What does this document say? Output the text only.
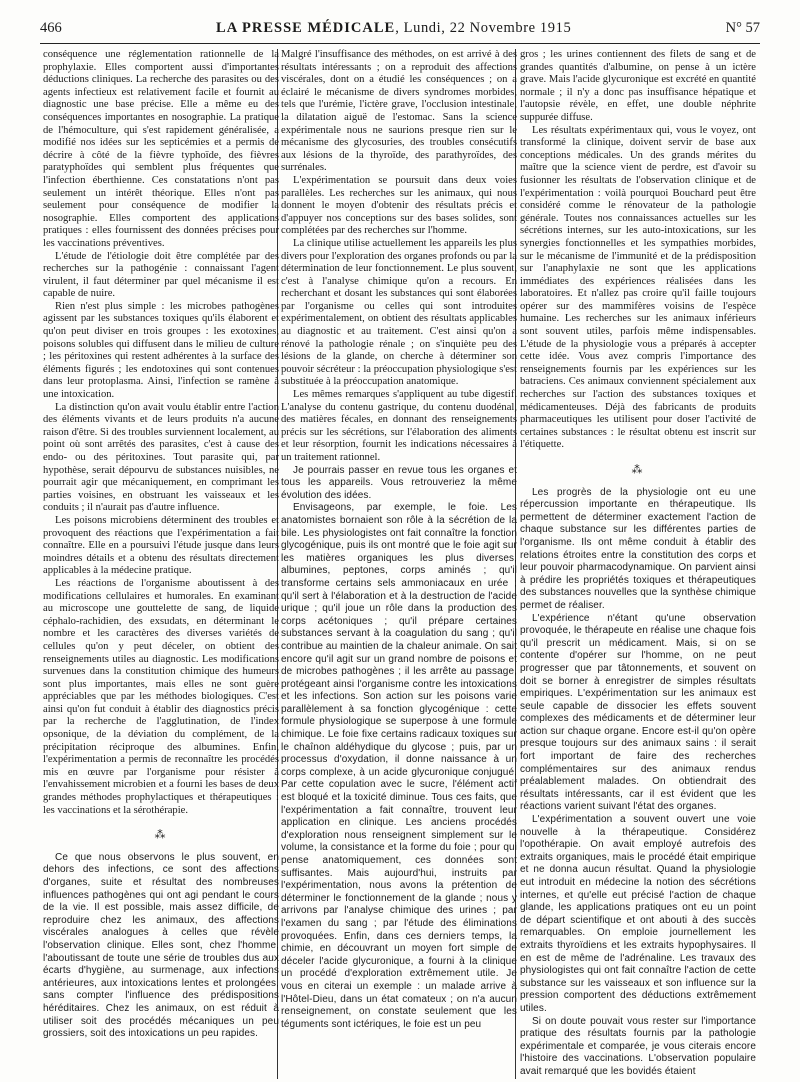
466	LA PRESSE MÉDICALE, Lundi, 22 Novembre 1915	N° 57

conséquence une réglementation rationnelle de la prophylaxie. Elles comportent aussi d'importantes déductions cliniques. La recherche des parasites ou des agents infectieux est relativement facile et fournit au diagnostic une base précise. Elle a même eu des conséquences importantes en nosographie. La pratique de l'hémoculture, qui s'est rapidement généralisée, a modifié nos idées sur les septicémies et a permis de décrire à côté de la fièvre typhoïde, des fièvres paratyphoïdes qui semblent plus fréquentes que l'infection éberthienne. Ces constatations n'ont pas seulement un intérêt théorique. Elles n'ont pas seulement pour conséquence de modifier la nosographie. Elles comportent des applications pratiques : elles fournissent des données précises pour les vaccinations préventives.

L'étude de l'étiologie doit être complétée par des recherches sur la pathogénie : connaissant l'agent virulent, il faut déterminer par quel mécanisme il est capable de nuire.

Rien n'est plus simple : les microbes pathogènes agissent par les substances toxiques qu'ils élaborent et qu'on peut diviser en trois groupes : les exotoxines, poisons solubles qui diffusent dans le milieu de culture ; les péritoxines qui restent adhérentes à la surface des éléments figurés ; les endotoxines qui sont contenues dans leur protoplasma. Ainsi, l'infection se ramène à une intoxication.

La distinction qu'on avait voulu établir entre l'action des éléments vivants et de leurs produits n'a aucune raison d'être. Si des troubles surviennent localement, au point où sont arrêtés des parasites, c'est à cause des endo- ou des péritoxines. Tout parasite qui, par hypothèse, serait dépourvu de substances nuisibles, ne pourrait agir que mécaniquement, en comprimant les parties voisines, en obstruant les vaisseaux et les conduits ; il n'aurait pas d'autre influence.

Les poisons microbiens déterminent des troubles et provoquent des réactions que l'expérimentation a fait connaître. Elle en a poursuivi l'étude jusque dans leurs moindres détails et a obtenu des résultats directement applicables à la médecine pratique.

Les réactions de l'organisme aboutissent à des modifications cellulaires et humorales. En examinant au microscope une gouttelette de sang, de liquide céphalo-rachidien, des exsudats, en déterminant le nombre et les caractères des diverses variétés de cellules qu'on y peut déceler, on obtient des renseignements utiles au diagnostic. Les modifications survenues dans la constitution chimique des humeurs sont plus importantes, mais elles ne sont guère appréciables que par les méthodes biologiques. C'est ainsi qu'on fut conduit à établir des diagnostics précis par la recherche de l'agglutination, de l'index opsonique, de la déviation du complément, de la précipitation réciproque des albumines. Enfin, l'expérimentation a permis de reconnaître les procédés mis en œuvre par l'organisme pour résister à l'envahissement microbien et a fourni les bases de deux grandes méthodes prophylactiques et thérapeutiques : les vaccinations et la sérothérapie.

⁂

Ce que nous observons le plus souvent, en dehors des infections, ce sont des affections d'organes, suite et résultat des nombreuses influences pathogènes qui ont agi pendant le cours de la vie. Il est possible, mais assez difficile, de reproduire chez les animaux, des affections viscérales analogues à celles que révèle l'observation clinique. Elles sont, chez l'homme, l'aboutissant de toute une série de troubles dus aux écarts d'hygiène, au surmenage, aux infections antérieures, aux intoxications lentes et prolongées, sans compter l'influence des prédispositions héréditaires. Chez les animaux, on est réduit à utiliser soit des procédés mécaniques un peu grossiers, soit des intoxications un peu rapides.

Malgré l'insuffisance des méthodes, on est arrivé à des résultats intéressants ; on a reproduit des affections viscérales, dont on a étudié les conséquences ; on a éclairé le mécanisme de divers syndromes morbides, tels que l'urémie, l'ictère grave, l'occlusion intestinale, la dilatation aiguë de l'estomac. Sans la science expérimentale nous ne saurions presque rien sur le mécanisme des glycosuries, des troubles consécutifs aux lésions de la thyroïde, des parathyroïdes, des surrénales.

L'expérimentation se poursuit dans deux voies parallèles. Les recherches sur les animaux, qui nous donnent le moyen d'obtenir des résultats précis et d'appuyer nos conceptions sur des bases solides, sont complétées par des recherches sur l'homme.

La clinique utilise actuellement les appareils les plus divers pour l'exploration des organes profonds ou par la détermination de leur fonctionnement. Le plus souvent, c'est à l'analyse chimique qu'on a recours. En recherchant et dosant les substances qui sont élaborées par l'organisme ou celles qui sont introduites expérimentalement, on obtient des résultats applicables au diagnostic et au traitement. C'est ainsi qu'on a rénové la pathologie rénale ; on s'inquiète peu des lésions de la glande, on cherche à déterminer son pouvoir sécréteur : la préoccupation physiologique s'est substituée à la préoccupation anatomique.

Les mêmes remarques s'appliquent au tube digestif. L'analyse du contenu gastrique, du contenu duodénal, des matières fécales, en donnant des renseignements précis sur les sécrétions, sur l'élaboration des aliments et leur résorption, fournit les indications nécessaires à un traitement rationnel.

Je pourrais passer en revue tous les organes et tous les appareils. Vous retrouveriez la même évolution des idées.

Envisageons, par exemple, le foie. Les anatomistes bornaient son rôle à la sécrétion de la bile. Les physiologistes ont fait connaître la fonction glycogénique, puis ils ont montré que le foie agit sur les matières organiques les plus diverses, albumines, peptones, corps aminés ; qu'il transforme certains sels ammoniacaux en urée ; qu'il sert à l'élaboration et à la destruction de l'acide urique ; qu'il joue un rôle dans la production des corps acétoniques ; qu'il prépare certaines substances servant à la coagulation du sang ; qu'il contribue au maintien de la chaleur animale. On sait encore qu'il agit sur un grand nombre de poisons et de microbes pathogènes ; il les arrête au passage, protégeant ainsi l'organisme contre les intoxications et les infections. Son action sur les poisons varie parallèlement à sa fonction glycogénique : cette formule physiologique se superpose à une formule chimique. Le foie fixe certains radicaux toxiques sur le chaînon aldéhydique du glycose ; puis, par un processus d'oxydation, il donne naissance à un corps complexe, à un acide glycuronique conjugué. Par cette copulation avec le sucre, l'élément actif est bloqué et la toxicité diminue. Tous ces faits, que l'expérimentation a fait connaître, trouvent leur application en clinique. Les anciens procédés d'exploration nous renseignent simplement sur le volume, la consistance et la forme du foie ; pour qui pense anatomiquement, ces données sont suffisantes. Mais aujourd'hui, instruits par l'expérimentation, nous avons la prétention de déterminer le fonctionnement de la glande ; nous y arrivons par l'analyse chimique des urines ; par l'examen du sang ; par l'étude des éliminations provoquées. Enfin, dans ces derniers temps, la chimie, en découvrant un moyen fort simple de déceler l'acide glycuronique, a fourni à la clinique un procédé d'exploration extrêmement utile. Je vous en citerai un exemple : un malade arrive à l'Hôtel-Dieu, dans un état comateux ; on n'a aucun renseignement, on constate seulement que les téguments sont ictériques, le foie est un peu

gros ; les urines contiennent des filets de sang et de grandes quantités d'albumine, on pense à un ictère grave. Mais l'acide glycuronique est excrété en quantité normale ; il n'y a donc pas insuffisance hépatique et l'autopsie révèle, en effet, une double néphrite suppurée diffuse.

Les résultats expérimentaux qui, vous le voyez, ont transformé la clinique, doivent servir de base aux conceptions médicales. Un des grands mérites du maître que la science vient de perdre, est d'avoir su fusionner les résultats de l'observation clinique et de l'expérimentation : voilà pourquoi Bouchard peut être considéré comme le rénovateur de la pathologie générale. Toutes nos connaissances actuelles sur les sécrétions internes, sur les auto-intoxications, sur les synergies fonctionnelles et les sympathies morbides, sur le mécanisme de l'immunité et de la prédisposition sur l'anaphylaxie ne sont que les applications immédiates des expériences réalisées dans les laboratoires. Et n'allez pas croire qu'il faille toujours opérer sur des mammifères voisins de l'espèce humaine. Les recherches sur les animaux inférieurs sont souvent utiles, parfois même indispensables. L'étude de la physiologie vous a préparés à accepter cette idée. Vous avez compris l'importance des renseignements fournis par les expériences sur les batraciens. Ces animaux conviennent spécialement aux recherches sur l'action des substances toxiques et médicamenteuses. Déjà des fabricants de produits pharmaceutiques les utilisent pour doser l'activité de certaines substances : le résultat obtenu est inscrit sur l'étiquette.

⁂

Les progrès de la physiologie ont eu une répercussion importante en thérapeutique. Ils permettent de déterminer exactement l'action de chaque substance sur les différentes parties de l'organisme. Ils ont même conduit à établir des relations étroites entre la constitution des corps et leur pouvoir pharmacodynamique. On parvient ainsi à prédire les propriétés toxiques et thérapeutiques des substances nouvelles que la synthèse chimique permet de réaliser.

L'expérience n'étant qu'une observation provoquée, le thérapeute en réalise une chaque fois qu'il prescrit un médicament. Mais, si on se contente d'opérer sur l'homme, on ne peut progresser que par tâtonnements, et souvent on doit se borner à enregistrer de simples résultats empiriques. L'expérimentation sur les animaux est seule capable de dissocier les effets souvent complexes des médicaments et de déterminer leur action sur chaque organe. Encore est-il qu'on opère presque toujours sur des animaux sains : il serait fort important de faire des recherches complémentaires sur des animaux rendus préalablement malades. On obtiendrait des résultats intéressants, car il est évident que les réactions varient suivant l'état des organes.

L'expérimentation a souvent ouvert une voie nouvelle à la thérapeutique. Considérez l'opothérapie. On avait employé autrefois des extraits organiques, mais le procédé était empirique et ne donna aucun résultat. Quand la physiologie eut introduit en médecine la notion des sécrétions internes, et qu'elle eut précisé l'action de chaque glande, les applications pratiques ont eu un point de départ scientifique et ont abouti à des succès remarquables. On emploie journellement les extraits thyroïdiens et les extraits hypophysaires. Il en est de même de l'adrénaline. Les travaux des physiologistes qui ont fait connaître l'action de cette substance sur les vaisseaux et son influence sur la pression comportent des déductions extrêmement utiles.

Si on doute pouvait vous rester sur l'importance pratique des résultats fournis par la pathologie expérimentale et comparée, je vous citerais encore l'histoire des vaccinations. L'observation populaire avait remarqué que les bovidés étaient
